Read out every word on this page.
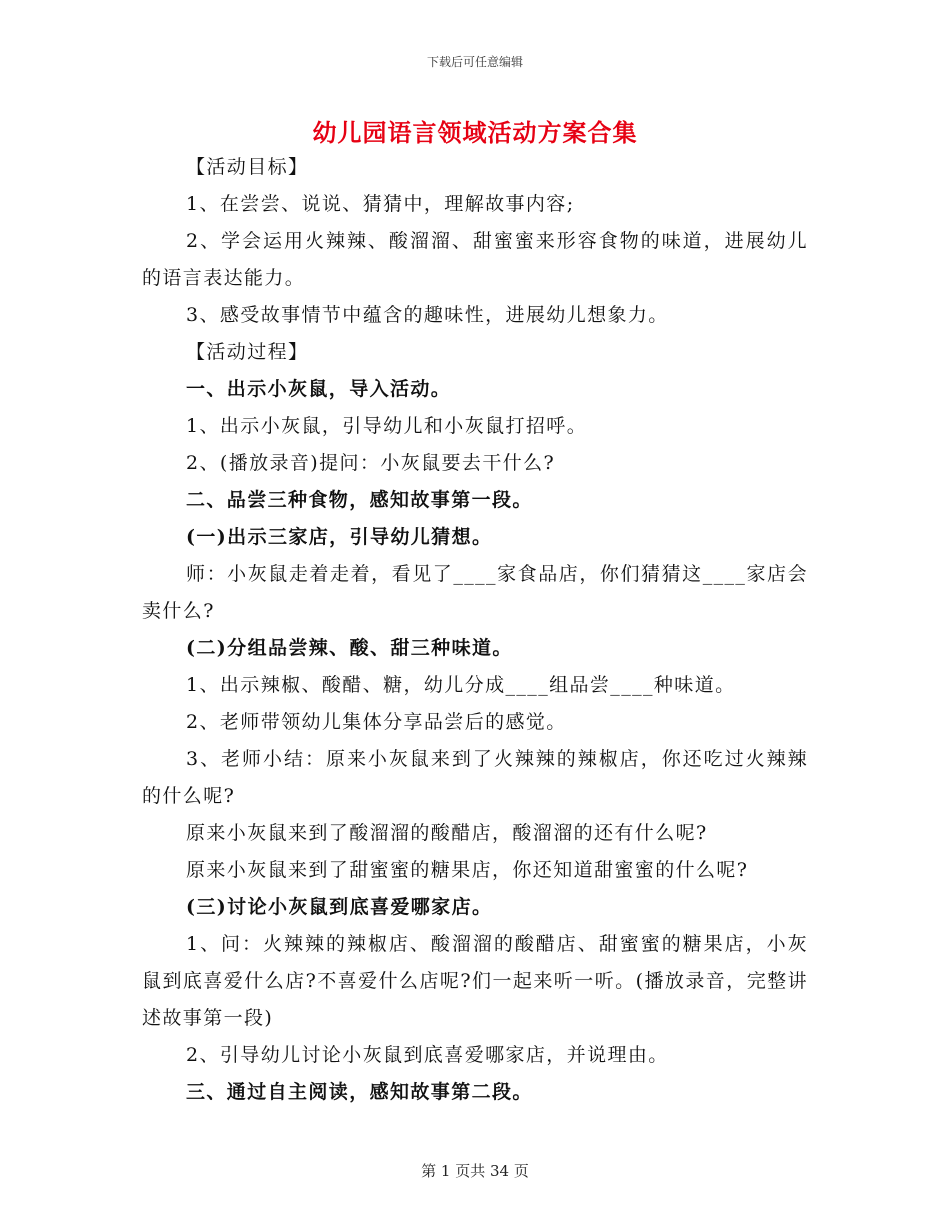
下载后可任意编辑
幼儿园语言领域活动方案合集

【活动目标】

1、在尝尝、说说、猜猜中，理解故事内容;

2、学会运用火辣辣、酸溜溜、甜蜜蜜来形容食物的味道，进展幼儿的语言表达能力。

3、感受故事情节中蕴含的趣味性，进展幼儿想象力。

【活动过程】

一、出示小灰鼠，导入活动。

1、出示小灰鼠，引导幼儿和小灰鼠打招呼。

2、(播放录音)提问：小灰鼠要去干什么?

二、品尝三种食物，感知故事第一段。

(一)出示三家店，引导幼儿猜想。

师：小灰鼠走着走着，看见了____家食品店，你们猜猜这____家店会卖什么?

(二)分组品尝辣、酸、甜三种味道。

1、出示辣椒、酸醋、糖，幼儿分成____组品尝____种味道。

2、老师带领幼儿集体分享品尝后的感觉。

3、老师小结：原来小灰鼠来到了火辣辣的辣椒店，你还吃过火辣辣的什么呢?

原来小灰鼠来到了酸溜溜的酸醋店，酸溜溜的还有什么呢?

原来小灰鼠来到了甜蜜蜜的糖果店，你还知道甜蜜蜜的什么呢?

(三)讨论小灰鼠到底喜爱哪家店。

1、问：火辣辣的辣椒店、酸溜溜的酸醋店、甜蜜蜜的糖果店，小灰鼠到底喜爱什么店?不喜爱什么店呢?们一起来听一听。(播放录音，完整讲述故事第一段)

2、引导幼儿讨论小灰鼠到底喜爱哪家店，并说理由。

三、通过自主阅读，感知故事第二段。

第 1 页共 34 页
